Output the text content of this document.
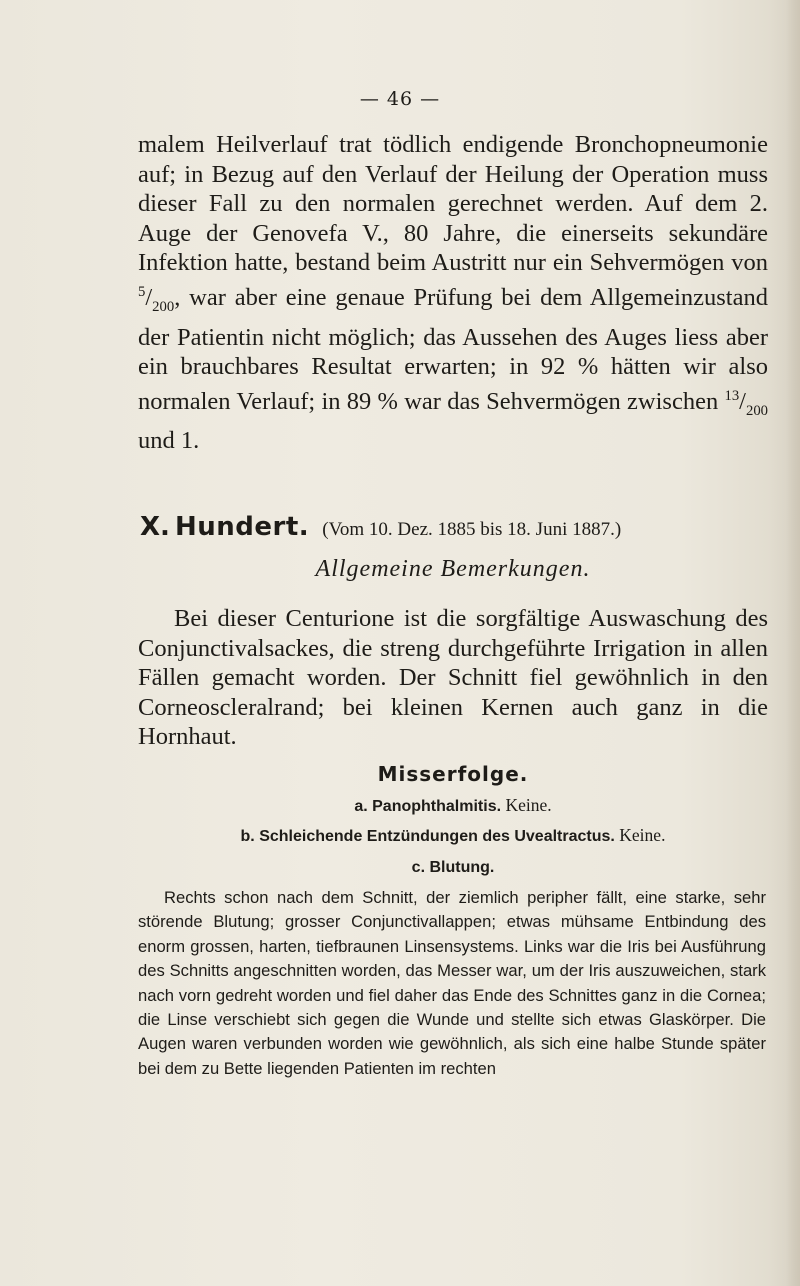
— 46 —

malem Heilverlauf trat tödlich endigende Bronchopneumonie auf; in Bezug auf den Verlauf der Heilung der Operation muss dieser Fall zu den normalen gerechnet werden. Auf dem 2. Auge der Genovefa V., 80 Jahre, die einerseits sekundäre Infektion hatte, bestand beim Austritt nur ein Sehvermögen von $^5/_{200}$, war aber eine genaue Prüfung bei dem Allgemeinzustand der Patientin nicht möglich; das Aussehen des Auges liess aber ein brauchbares Resultat erwarten; in 92 % hätten wir also normalen Verlauf; in 89 % war das Sehvermögen zwischen $^{13}/_{200}$ und 1.

X. Hundert. (Vom 10. Dez. 1885 bis 18. Juni 1887.)
Allgemeine Bemerkungen.

Bei dieser Centurione ist die sorgfältige Auswaschung des Conjunctivalsackes, die streng durchgeführte Irrigation in allen Fällen gemacht worden. Der Schnitt fiel gewöhnlich in den Corneoscleralrand; bei kleinen Kernen auch ganz in die Hornhaut.

Misserfolge.
a. Panophthalmitis. Keine.
b. Schleichende Entzündungen des Uvealtractus. Keine.
c. Blutung.

Rechts schon nach dem Schnitt, der ziemlich peripher fällt, eine starke, sehr störende Blutung; grosser Conjunctivallappen; etwas mühsame Entbindung des enorm grossen, harten, tiefbraunen Linsensystems. Links war die Iris bei Ausführung des Schnitts angeschnitten worden, das Messer war, um der Iris auszuweichen, stark nach vorn gedreht worden und fiel daher das Ende des Schnittes ganz in die Cornea; die Linse verschiebt sich gegen die Wunde und stellte sich etwas Glaskörper. Die Augen waren verbunden worden wie gewöhnlich, als sich eine halbe Stunde später bei dem zu Bette liegenden Patienten im rechten
